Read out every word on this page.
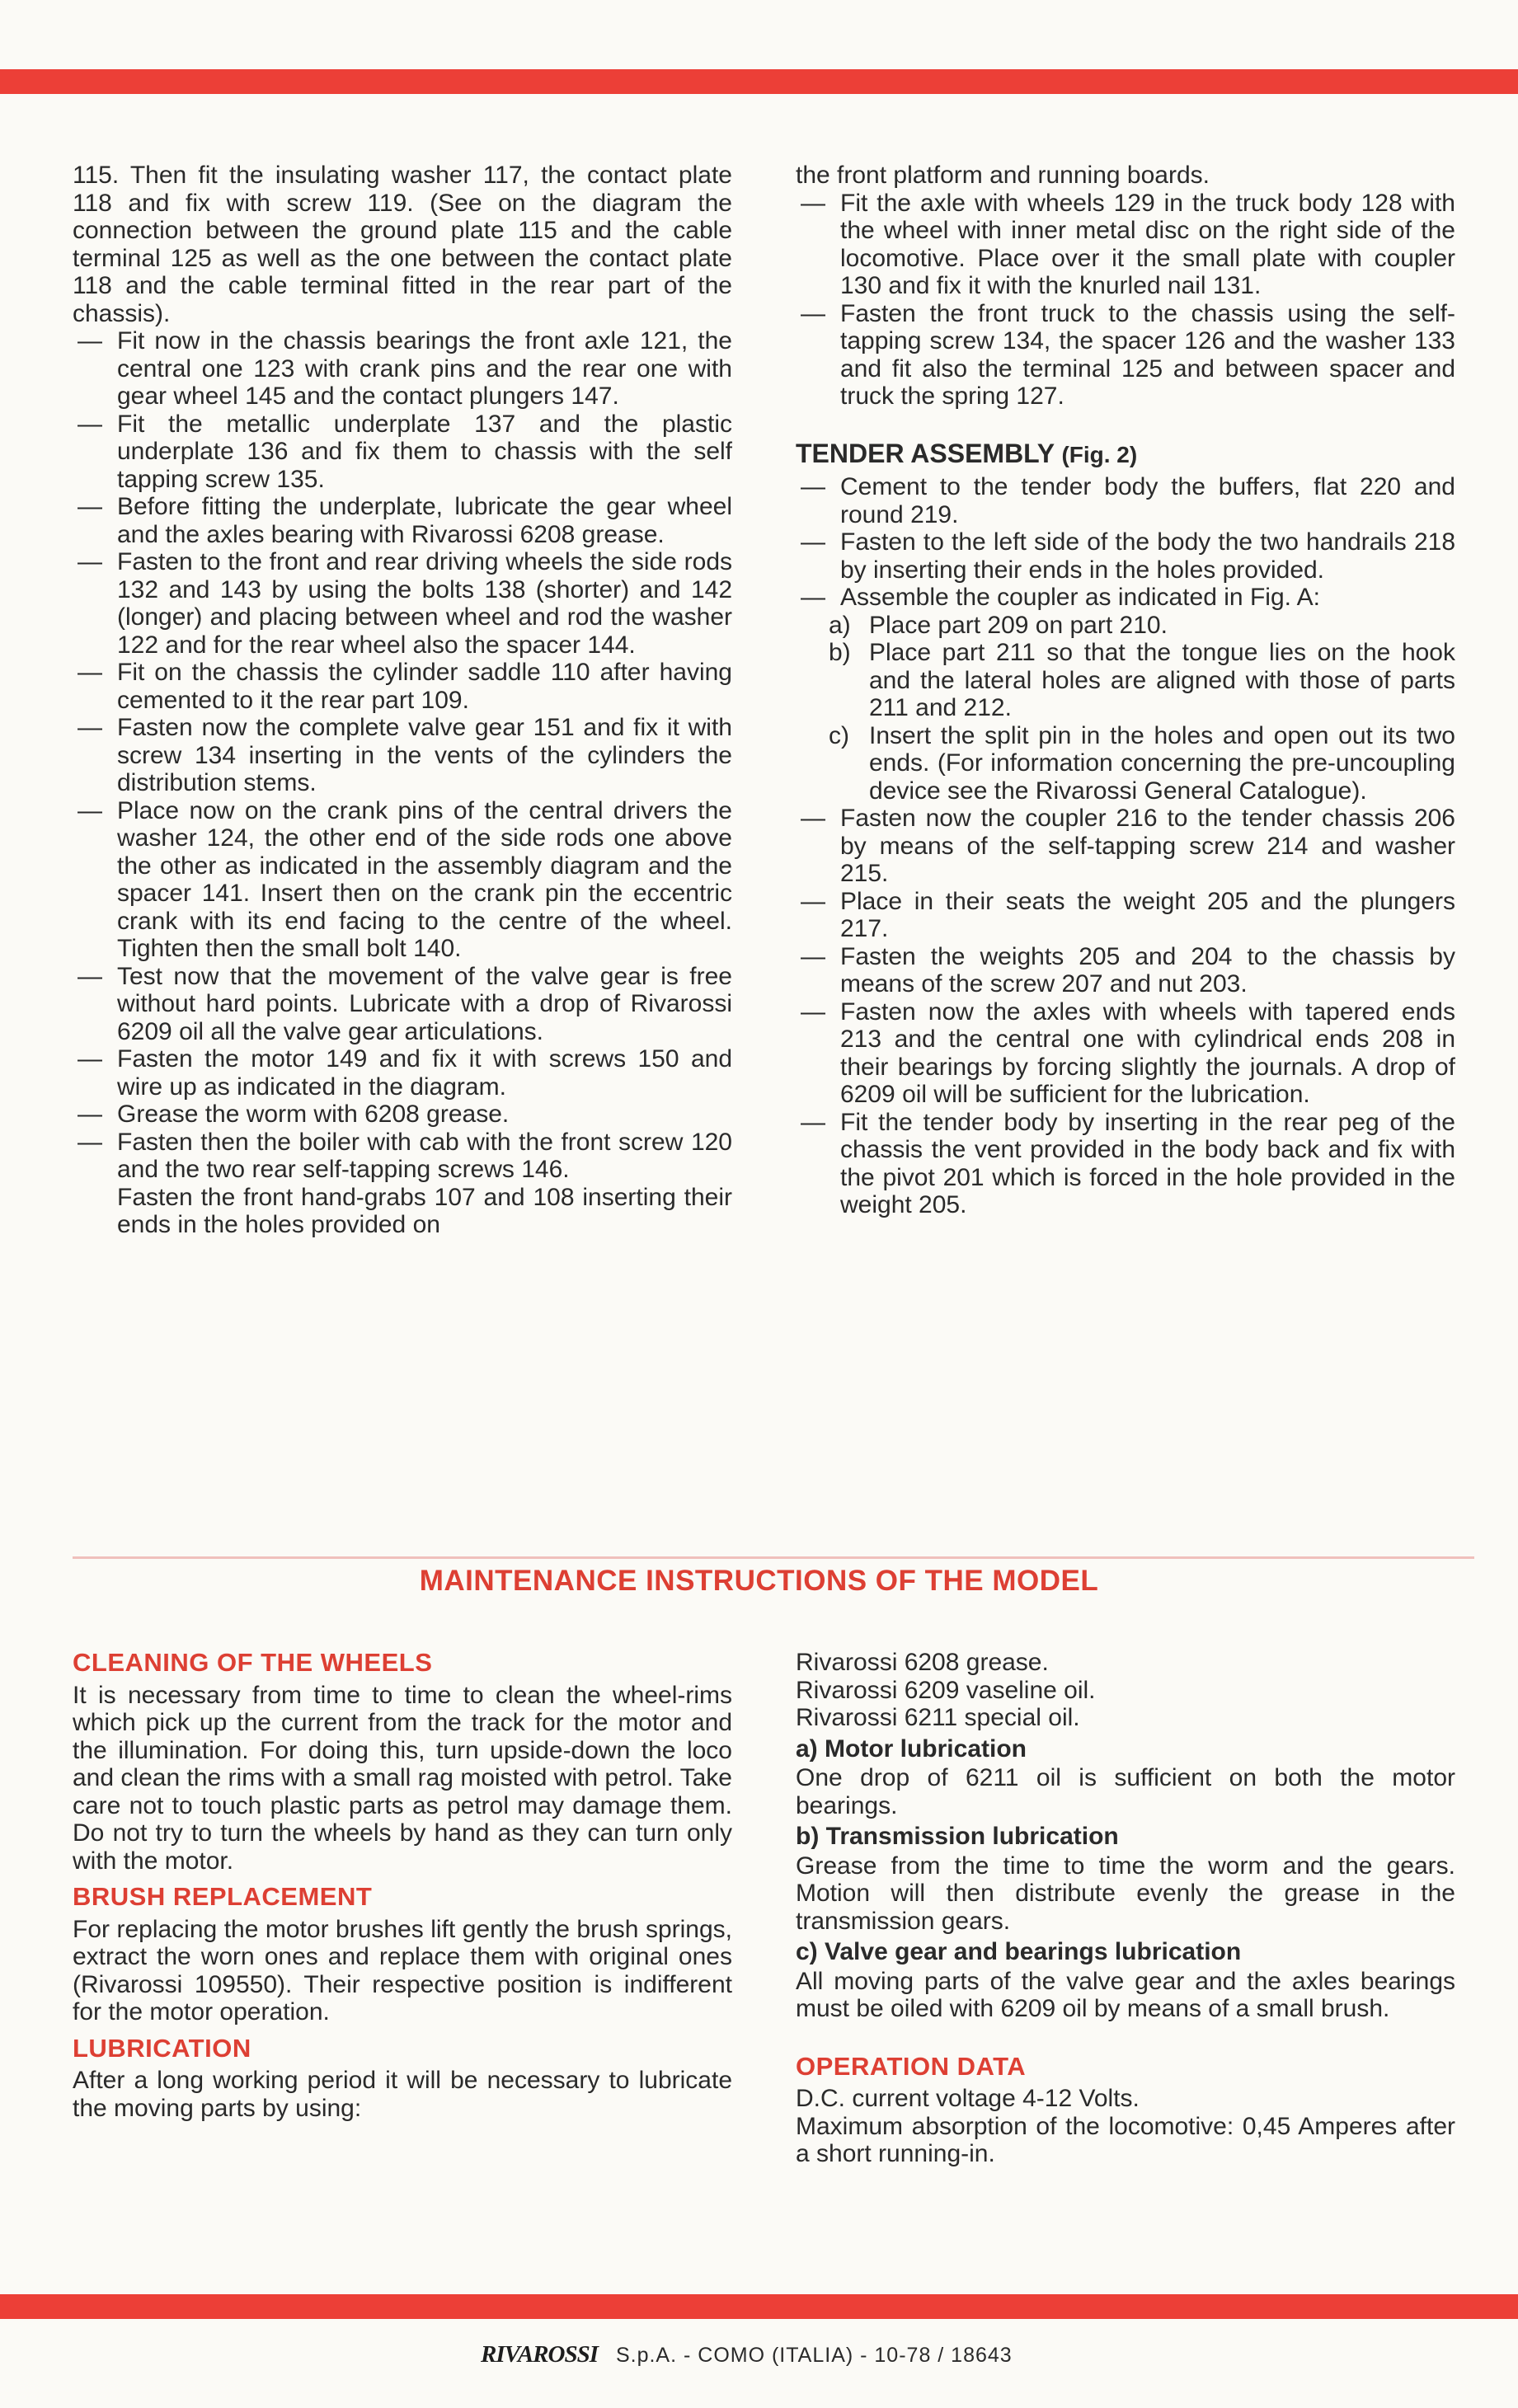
115. Then fit the insulating washer 117, the contact plate 118 and fix with screw 119. (See on the diagram the connection between the ground plate 115 and the cable terminal 125 as well as the one between the contact plate 118 and the cable terminal fitted in the rear part of the chassis).

— Fit now in the chassis bearings the front axle 121, the central one 123 with crank pins and the rear one with gear wheel 145 and the contact plungers 147.
— Fit the metallic underplate 137 and the plastic underplate 136 and fix them to chassis with the self tapping screw 135.
— Before fitting the underplate, lubricate the gear wheel and the axles bearing with Rivarossi 6208 grease.
— Fasten to the front and rear driving wheels the side rods 132 and 143 by using the bolts 138 (shorter) and 142 (longer) and placing between wheel and rod the washer 122 and for the rear wheel also the spacer 144.
— Fit on the chassis the cylinder saddle 110 after having cemented to it the rear part 109.
— Fasten now the complete valve gear 151 and fix it with screw 134 inserting in the vents of the cylinders the distribution stems.
— Place now on the crank pins of the central drivers the washer 124, the other end of the side rods one above the other as indicated in the assembly diagram and the spacer 141. Insert then on the crank pin the eccentric crank with its end facing to the centre of the wheel. Tighten then the small bolt 140.
— Test now that the movement of the valve gear is free without hard points. Lubricate with a drop of Rivarossi 6209 oil all the valve gear articulations.
— Fasten the motor 149 and fix it with screws 150 and wire up as indicated in the diagram.
— Grease the worm with 6208 grease.
— Fasten then the boiler with cab with the front screw 120 and the two rear self-tapping screws 146.

Fasten the front hand-grabs 107 and 108 inserting their ends in the holes provided on

the front platform and running boards.

— Fit the axle with wheels 129 in the truck body 128 with the wheel with inner metal disc on the right side of the locomotive. Place over it the small plate with coupler 130 and fix it with the knurled nail 131.
— Fasten the front truck to the chassis using the self-tapping screw 134, the spacer 126 and the washer 133 and fit also the terminal 125 and between spacer and truck the spring 127.
TENDER ASSEMBLY (Fig. 2)
— Cement to the tender body the buffers, flat 220 and round 219.
— Fasten to the left side of the body the two handrails 218 by inserting their ends in the holes provided.
— Assemble the coupler as indicated in Fig. A:
a) Place part 209 on part 210.
b) Place part 211 so that the tongue lies on the hook and the lateral holes are aligned with those of parts 211 and 212.
c) Insert the split pin in the holes and open out its two ends. (For information concerning the pre-uncoupling device see the Rivarossi General Catalogue).
— Fasten now the coupler 216 to the tender chassis 206 by means of the self-tapping screw 214 and washer 215.
— Place in their seats the weight 205 and the plungers 217.
— Fasten the weights 205 and 204 to the chassis by means of the screw 207 and nut 203.
— Fasten now the axles with wheels with tapered ends 213 and the central one with cylindrical ends 208 in their bearings by forcing slightly the journals. A drop of 6209 oil will be sufficient for the lubrication.
— Fit the tender body by inserting in the rear peg of the chassis the vent provided in the body back and fix with the pivot 201 which is forced in the hole provided in the weight 205.
MAINTENANCE INSTRUCTIONS OF THE MODEL
CLEANING OF THE WHEELS

It is necessary from time to time to clean the wheel-rims which pick up the current from the track for the motor and the illumination. For doing this, turn upside-down the loco and clean the rims with a small rag moisted with petrol. Take care not to touch plastic parts as petrol may damage them. Do not try to turn the wheels by hand as they can turn only with the motor.

BRUSH REPLACEMENT

For replacing the motor brushes lift gently the brush springs, extract the worn ones and replace them with original ones (Rivarossi 109550). Their respective position is indifferent for the motor operation.

LUBRICATION

After a long working period it will be necessary to lubricate the moving parts by using:

Rivarossi 6208 grease.
Rivarossi 6209 vaseline oil.
Rivarossi 6211 special oil.
a) Motor lubrication

One drop of 6211 oil is sufficient on both the motor bearings.

b) Transmission lubrication

Grease from the time to time the worm and the gears. Motion will then distribute evenly the grease in the transmission gears.

c) Valve gear and bearings lubrication

All moving parts of the valve gear and the axles bearings must be oiled with 6209 oil by means of a small brush.

OPERATION DATA

D.C. current voltage 4-12 Volts.

Maximum absorption of the locomotive: 0,45 Amperes after a short running-in.

RIVAROSSI S.p.A. - COMO (ITALIA) - 10-78 / 18643
